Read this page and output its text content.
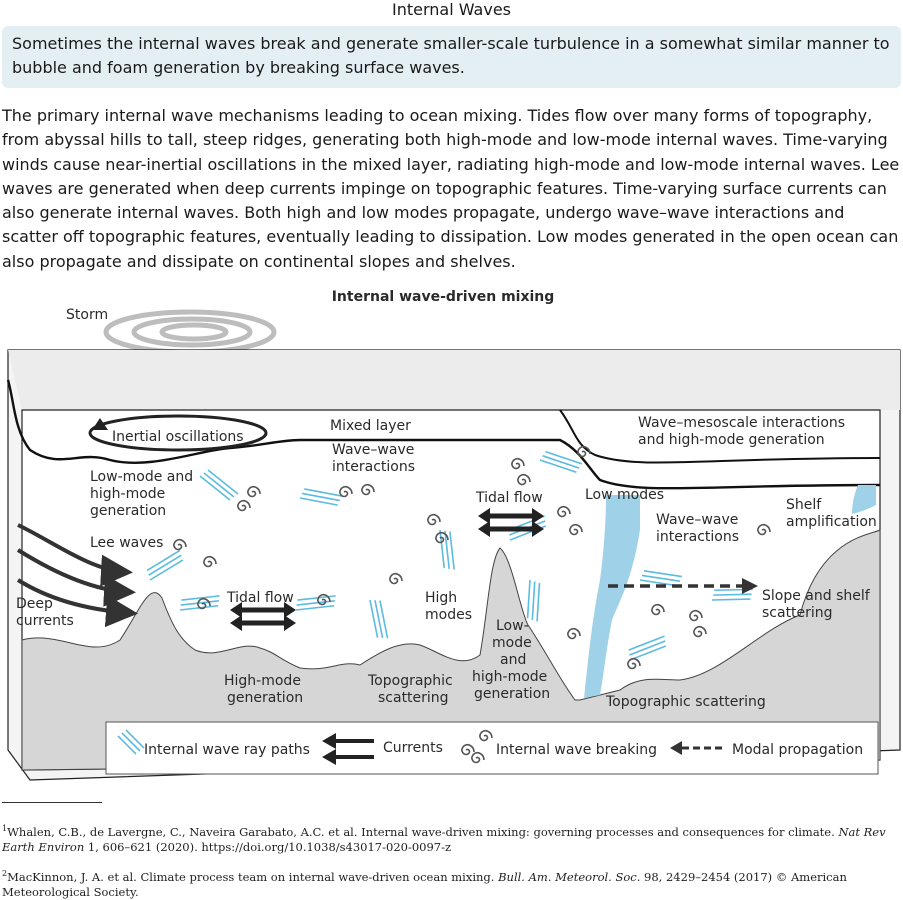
Internal Waves
Sometimes the internal waves break and generate smaller-scale turbulence in a somewhat similar manner to bubble and foam generation by breaking surface waves.
The primary internal wave mechanisms leading to ocean mixing. Tides flow over many forms of topography, from abyssal hills to tall, steep ridges, generating both high-mode and low-mode internal waves. Time-varying winds cause near-inertial oscillations in the mixed layer, radiating high-mode and low-mode internal waves. Lee waves are generated when deep currents impinge on topographic features. Time-varying surface currents can also generate internal waves. Both high and low modes propagate, undergo wave–wave interactions and scatter off topographic features, eventually leading to dissipation. Low modes generated in the open ocean can also propagate and dissipate on continental slopes and shelves.
Internal wave-driven mixing
Storm
Mixed layer
Inertial oscillations
Wave–wave interactions
Low-mode and high-mode generation
Lee waves
Deep currents
Tidal flow
High-mode generation
Topographic scattering
High modes
Tidal flow
Low-mode and high-mode generation
Wave–mesoscale interactions and high-mode generation
Low modes
Wave–wave interactions
Shelf amplification
Slope and shelf scattering
Topographic scattering
Internal wave ray paths	Currents	Internal wave breaking	Modal propagation
$^1$Whalen, C.B., de Lavergne, C., Naveira Garabato, A.C. et al. Internal wave-driven mixing: governing processes and consequences for climate. Nat Rev Earth Environ 1, 606–621 (2020). https://doi.org/10.1038/s43017-020-0097-z
$^2$MacKinnon, J. A. et al. Climate process team on internal wave-driven ocean mixing. Bull. Am. Meteorol. Soc. 98, 2429–2454 (2017) © American Meteorological Society.
